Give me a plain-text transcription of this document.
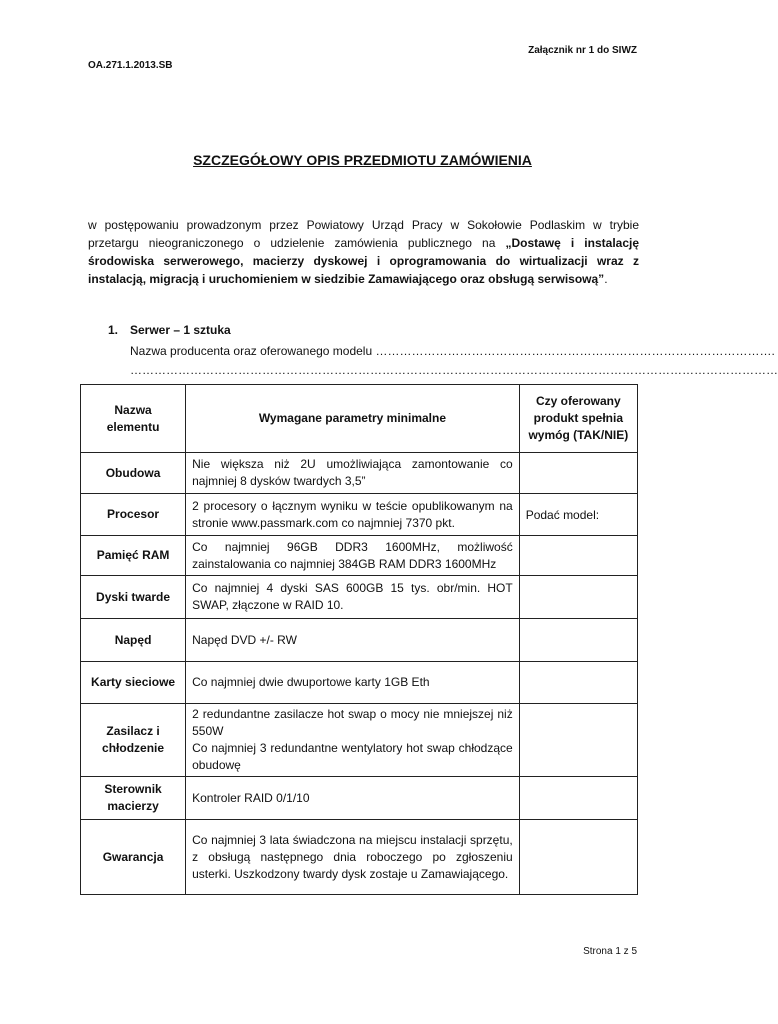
OA.271.1.2013.SB
Załącznik nr 1 do SIWZ
SZCZEGÓŁOWY OPIS PRZEDMIOTU ZAMÓWIENIA
w postępowaniu prowadzonym przez Powiatowy Urząd Pracy w Sokołowie Podlaskim w trybie przetargu nieograniczonego o udzielenie zamówienia publicznego na „Dostawę i instalację środowiska serwerowego, macierzy dyskowej i oprogramowania do wirtualizacji wraz z instalacją, migracją i uruchomieniem w siedzibie Zamawiającego oraz obsługą serwisową”.
1. Serwer – 1 sztuka
Nazwa producenta oraz oferowanego modelu ……………………………………………………………………………………….
………………………………………………………………………………………………………………………………………………
Nazwa elementu	Wymagane parametry minimalne	Czy oferowany produkt spełnia wymóg (TAK/NIE)
Obudowa	Nie większa niż 2U umożliwiająca zamontowanie co najmniej 8 dysków twardych 3,5”	
Procesor	2 procesory o łącznym wyniku w teście opublikowanym na stronie www.passmark.com co najmniej 7370 pkt.	Podać model:
Pamięć RAM	Co najmniej 96GB DDR3 1600MHz, możliwość zainstalowania co najmniej 384GB RAM DDR3 1600MHz	
Dyski twarde	Co najmniej 4 dyski SAS 600GB 15 tys. obr/min. HOT SWAP, złączone w RAID 10.	
Napęd	Napęd DVD +/- RW	
Karty sieciowe	Co najmniej dwie dwuportowe karty 1GB Eth	
Zasilacz i chłodzenie	2 redundantne zasilacze hot swap o mocy nie mniejszej niż 550W
Co najmniej 3 redundantne wentylatory hot swap chłodzące obudowę	

Sterownik macierzy	Kontroler RAID 0/1/10	
Gwarancja	Co najmniej 3 lata świadczona na miejscu instalacji sprzętu, z obsługą następnego dnia roboczego po zgłoszeniu usterki. Uszkodzony twardy dysk zostaje u Zamawiającego.	
Strona 1 z 5
